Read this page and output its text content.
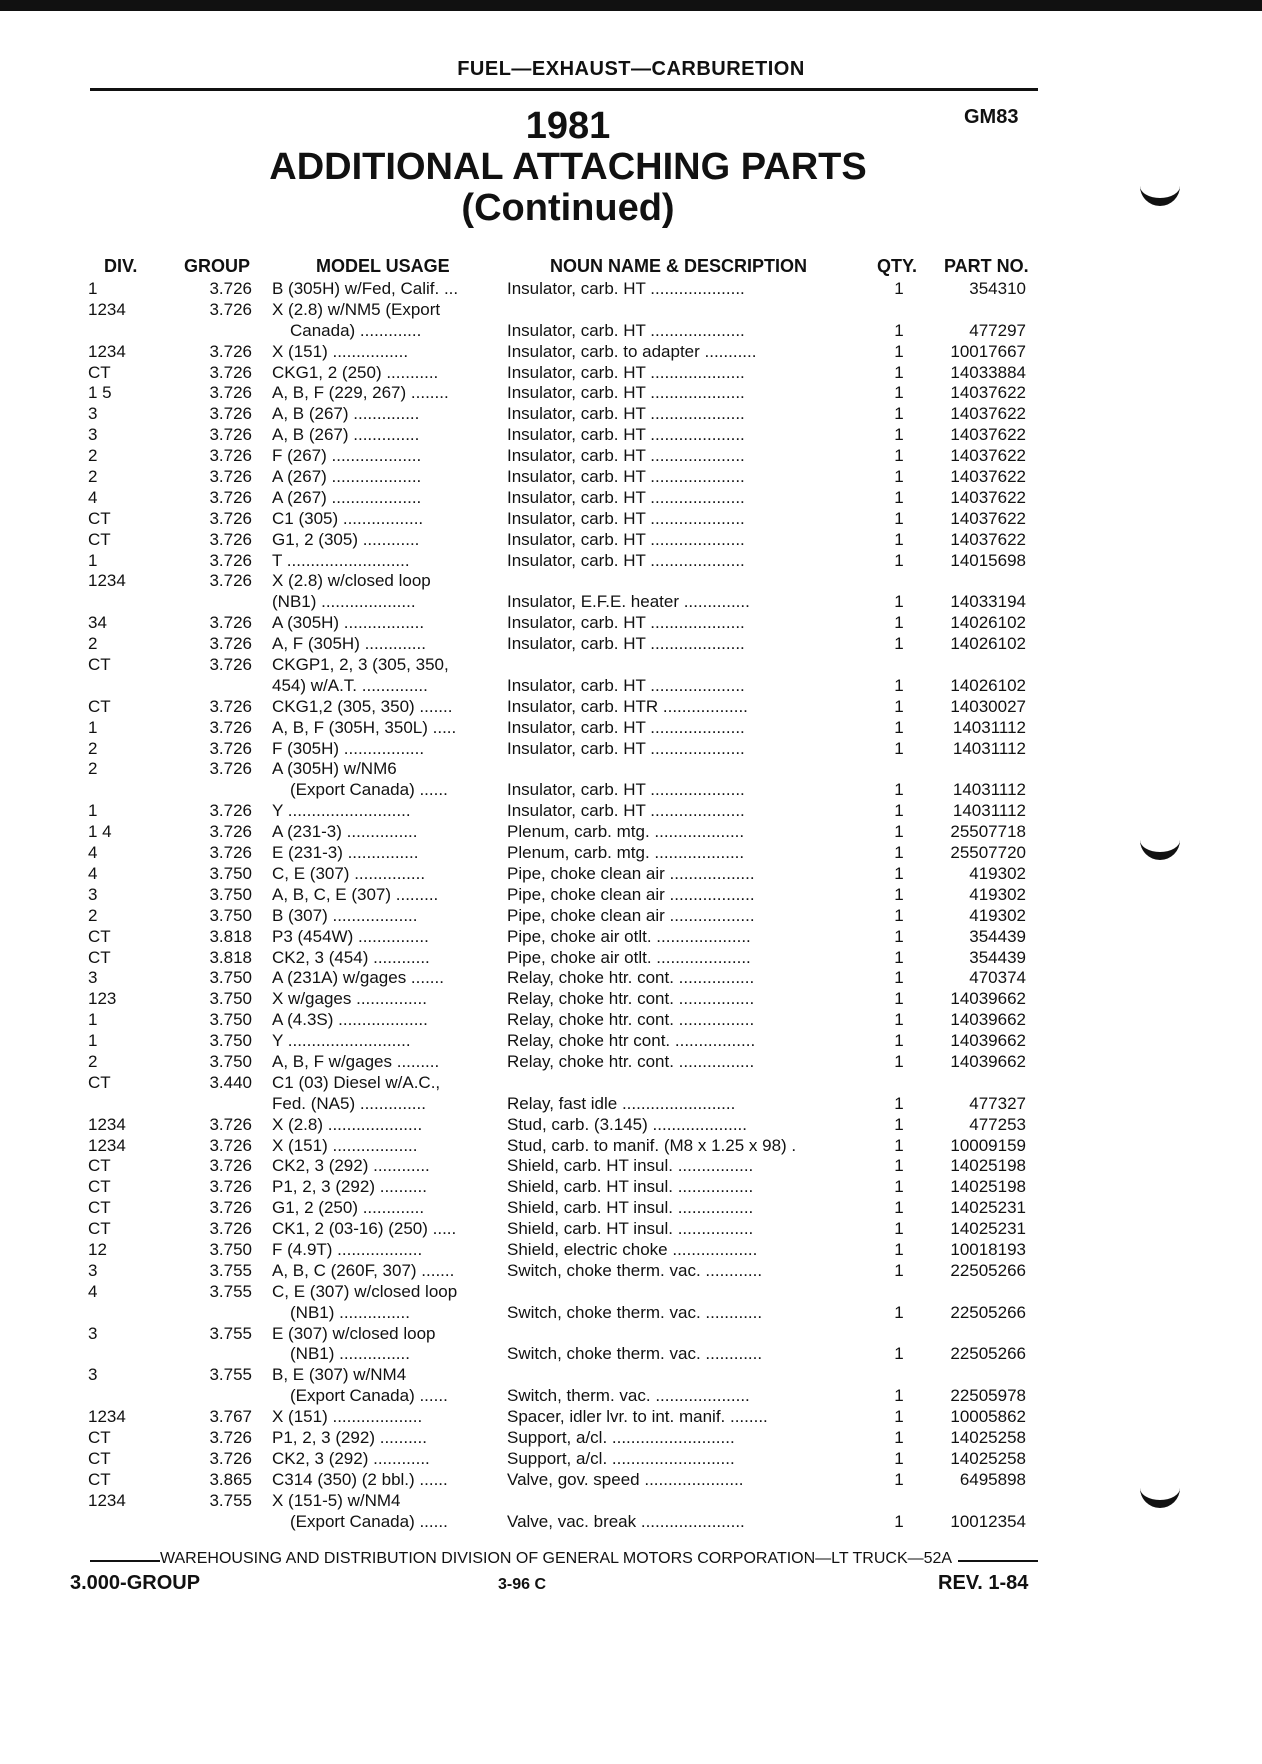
FUEL—EXHAUST—CARBURETION
GM83
1981
ADDITIONAL ATTACHING PARTS
(Continued)
DIV.	GROUP	MODEL USAGE	NOUN NAME & DESCRIPTION	QTY. PART NO.
1	3.726 B (305H) w/Fed, Calif. ...	Insulator, carb. HT ....................	1	354310
1234	3.726 X (2.8) w/NM5 (Export
Canada) .............	Insulator, carb. HT ....................	1	477297
1234	3.726 X (151) ................	Insulator, carb. to adapter ...........	1	10017667
CT	3.726 CKG1, 2 (250) ...........	Insulator, carb. HT ....................	1	14033884
1 5	3.726 A, B, F (229, 267) ........	Insulator, carb. HT ....................	1	14037622
3	3.726 A, B (267) ..............	Insulator, carb. HT ....................	1	14037622
3	3.726 A, B (267) ..............	Insulator, carb. HT ....................	1	14037622
2	3.726 F (267) ...................	Insulator, carb. HT ....................	1	14037622
2	3.726 A (267) ...................	Insulator, carb. HT ....................	1	14037622
4	3.726 A (267) ...................	Insulator, carb. HT ....................	1	14037622
CT	3.726 C1 (305) .................	Insulator, carb. HT ....................	1	14037622
CT	3.726 G1, 2 (305) ............	Insulator, carb. HT ....................	1	14037622
1	3.726 T ..........................	Insulator, carb. HT ....................	1	14015698
1234	3.726 X (2.8) w/closed loop
(NB1) ....................	Insulator, E.F.E. heater ..............	1	14033194
34	3.726 A (305H) .................	Insulator, carb. HT ....................	1	14026102
2	3.726 A, F (305H) .............	Insulator, carb. HT ....................	1	14026102
CT	3.726 CKGP1, 2, 3 (305, 350,
454) w/A.T. ..............	Insulator, carb. HT ....................	1	14026102
CT	3.726 CKG1,2 (305, 350) .......	Insulator, carb. HTR ..................	1	14030027
1	3.726 A, B, F (305H, 350L) .....	Insulator, carb. HT ....................	1	14031112
2	3.726 F (305H) .................	Insulator, carb. HT ....................	1	14031112
2	3.726 A (305H) w/NM6
(Export Canada) ......	Insulator, carb. HT ....................	1	14031112
1	3.726 Y ..........................	Insulator, carb. HT ....................	1	14031112
1 4	3.726 A (231-3) ...............	Plenum, carb. mtg. ...................	1	25507718
4	3.726 E (231-3) ...............	Plenum, carb. mtg. ...................	1	25507720
4	3.750 C, E (307) ...............	Pipe, choke clean air ..................	1	419302
3	3.750 A, B, C, E (307) .........	Pipe, choke clean air ..................	1	419302
2	3.750 B (307) ..................	Pipe, choke clean air ..................	1	419302
CT	3.818 P3 (454W) ...............	Pipe, choke air otlt. ....................	1	354439
CT	3.818 CK2, 3 (454) ............	Pipe, choke air otlt. ....................	1	354439
3	3.750 A (231A) w/gages .......	Relay, choke htr. cont. ................	1	470374
123	3.750 X w/gages ...............	Relay, choke htr. cont. ................	1	14039662
1	3.750 A (4.3S) ...................	Relay, choke htr. cont. ................	1	14039662
1	3.750 Y ..........................	Relay, choke htr cont. .................	1	14039662
2	3.750 A, B, F w/gages .........	Relay, choke htr. cont. ................	1	14039662
CT	3.440 C1 (03) Diesel w/A.C.,
Fed. (NA5) ..............	Relay, fast idle ........................	1	477327
1234	3.726 X (2.8) ....................	Stud, carb. (3.145) ....................	1	477253
1234	3.726 X (151) ..................	Stud, carb. to manif. (M8 x 1.25 x 98) .	1	10009159
CT	3.726 CK2, 3 (292) ............	Shield, carb. HT insul. ................	1	14025198
CT	3.726 P1, 2, 3 (292) ..........	Shield, carb. HT insul. ................	1	14025198
CT	3.726 G1, 2 (250) .............	Shield, carb. HT insul. ................	1	14025231
CT	3.726 CK1, 2 (03-16) (250) .....	Shield, carb. HT insul. ................	1	14025231
12	3.750 F (4.9T) ..................	Shield, electric choke ..................	1	10018193
3	3.755 A, B, C (260F, 307) .......	Switch, choke therm. vac. ............	1	22505266
4	3.755 C, E (307) w/closed loop
(NB1) ...............	Switch, choke therm. vac. ............	1	22505266
3	3.755 E (307) w/closed loop
(NB1) ...............	Switch, choke therm. vac. ............	1	22505266
3	3.755 B, E (307) w/NM4
(Export Canada) ......	Switch, therm. vac. ....................	1	22505978
1234	3.767 X (151) ...................	Spacer, idler lvr. to int. manif. ........	1	10005862
CT	3.726 P1, 2, 3 (292) ..........	Support, a/cl. ..........................	1	14025258
CT	3.726 CK2, 3 (292) ............	Support, a/cl. ..........................	1	14025258
CT	3.865 C314 (350) (2 bbl.) ......	Valve, gov. speed .....................	1	6495898
1234	3.755 X (151-5) w/NM4
(Export Canada) ......	Valve, vac. break ......................	1	10012354
WAREHOUSING AND DISTRIBUTION DIVISION OF GENERAL MOTORS CORPORATION—LT TRUCK—52A
3.000-GROUP	3-96 C	REV. 1-84
